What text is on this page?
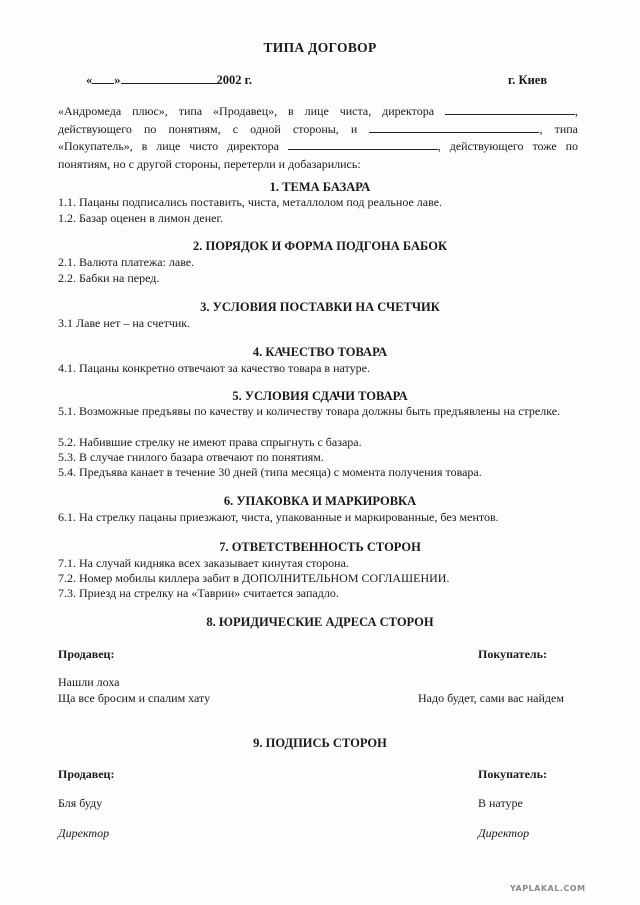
ТИПА ДОГОВОР
« »	2002 г.	г. Киев
«Андромеда плюс», типа «Продавец», в лице чиста, директора	, действующего по понятиям, с одной стороны, и	, типа «Покупатель», в лице чисто директора	, действующего тоже по понятиям, но с другой стороны, перетерли и добазарились:
1. ТЕМА БАЗАРА
1.1. Пацаны подписались поставить, чиста, металлолом под реальное лаве.
1.2. Базар оценен в лимон денег.
2. ПОРЯДОК И ФОРМА ПОДГОНА БАБОК
2.1. Валюта платежа: лаве.
2.2. Бабки на перед.
3. УСЛОВИЯ ПОСТАВКИ НА СЧЕТЧИК
3.1 Лаве нет – на счетчик.
4. КАЧЕСТВО ТОВАРА
4.1. Пацаны конкретно отвечают за качество товара в натуре.
5. УСЛОВИЯ СДАЧИ ТОВАРА
5.1. Возможные предъявы по качеству и количеству товара должны быть предъявлены на стрелке.
5.2. Набившие стрелку не имеют права спрыгнуть с базара.
5.3. В случае гнилого базара отвечают по понятиям.
5.4. Предъява канает в течение 30 дней (типа месяца) с момента получения товара.
6. УПАКОВКА И МАРКИРОВКА
6.1. На стрелку пацаны приезжают, чиста, упакованные и маркированные, без ментов.
7. ОТВЕТСТВЕННОСТЬ СТОРОН
7.1. На случай кидняка всех заказывает кинутая сторона.
7.2. Номер мобилы киллера забит в ДОПОЛНИТЕЛЬНОМ СОГЛАШЕНИИ.
7.3. Приезд на стрелку на «Таврии» считается западло.
8. ЮРИДИЧЕСКИЕ АДРЕСА СТОРОН
Продавец:	Покупатель:
Нашли лоха
Ща все бросим и спалим хату	Надо будет, сами вас найдем
9. ПОДПИСЬ СТОРОН
Продавец:	Покупатель:
Бля буду	В натуре
Директор	Директор
YAPLAKAL.COM
